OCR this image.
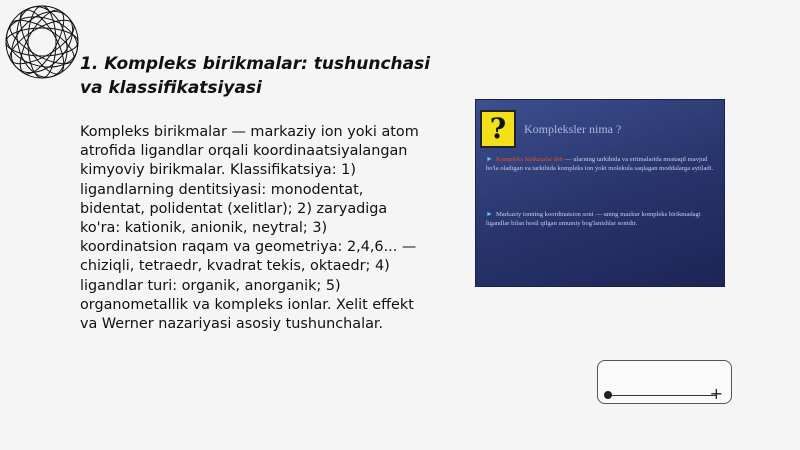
1. Kompleks birikmalar: tushunchasi va klassifikatsiyasi
Kompleks birikmalar — markaziy ion yoki atom atrofida ligandlar orqali koordinaatsiyalangan kimyoviy birikmalar. Klassifikatsiya: 1) ligandlarning dentitsiyasi: monodentat, bidentat, polidentat (xelitlar); 2) zaryadiga ko'ra: kationik, anionik, neytral; 3) koordinatsion raqam va geometriya: 2,4,6... — chiziqli, tetraedr, kvadrat tekis, oktaedr; 4) ligandlar turi: organik, anorganik; 5) organometallik va kompleks ionlar. Xelit effekt va Werner nazariyasi asosiy tushunchalar.
?	Kompleksler nima ?
► Kompleks birikmalar deb — ularning tarkibida va eritmalarida mustaqil mavjud bo'la oladigan va tarkibida kompleks ion yoki molekula saqlagan moddalarga aytiladi.
► Markaziy ionning koordinatsion soni — uning mazkur kompleks birikmadagi ligandlar bilan hosil qilgan umumiy bog'lanishlar sonidir.
+
